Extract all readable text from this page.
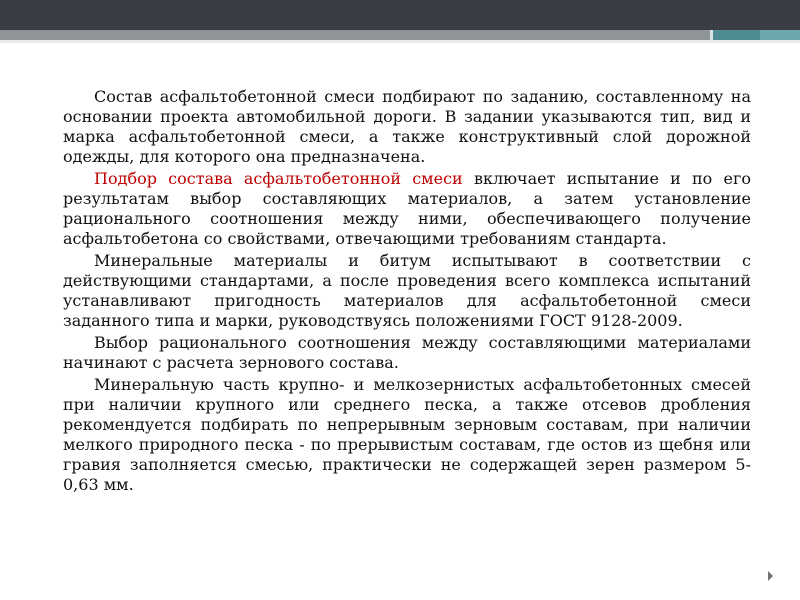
Состав асфальтобетонной смеси подбирают по заданию, составленному на основании проекта автомобильной дороги. В задании указываются тип, вид и марка асфальтобетонной смеси, а также конструктивный слой дорожной одежды, для которого она предназначена.

Подбор состава асфальтобетонной смеси включает испытание и по его результатам выбор составляющих материалов, а затем установление рационального соотношения между ними, обеспечивающего получение асфальтобетона со свойствами, отвечающими требованиям стандарта.

Минеральные материалы и битум испытывают в соответствии с действующими стандартами, а после проведения всего комплекса испытаний устанавливают пригодность материалов для асфальтобетонной смеси заданного типа и марки, руководствуясь положениями ГОСТ 9128-2009.

Выбор рационального соотношения между составляющими материалами начинают с расчета зернового состава.

Минеральную часть крупно- и мелкозернистых асфальтобетонных смесей при наличии крупного или среднего песка, а также отсевов дробления рекомендуется подбирать по непрерывным зерновым составам, при наличии мелкого природного песка - по прерывистым составам, где остов из щебня или гравия заполняется смесью, практически не содержащей зерен размером 5-0,63 мм.
